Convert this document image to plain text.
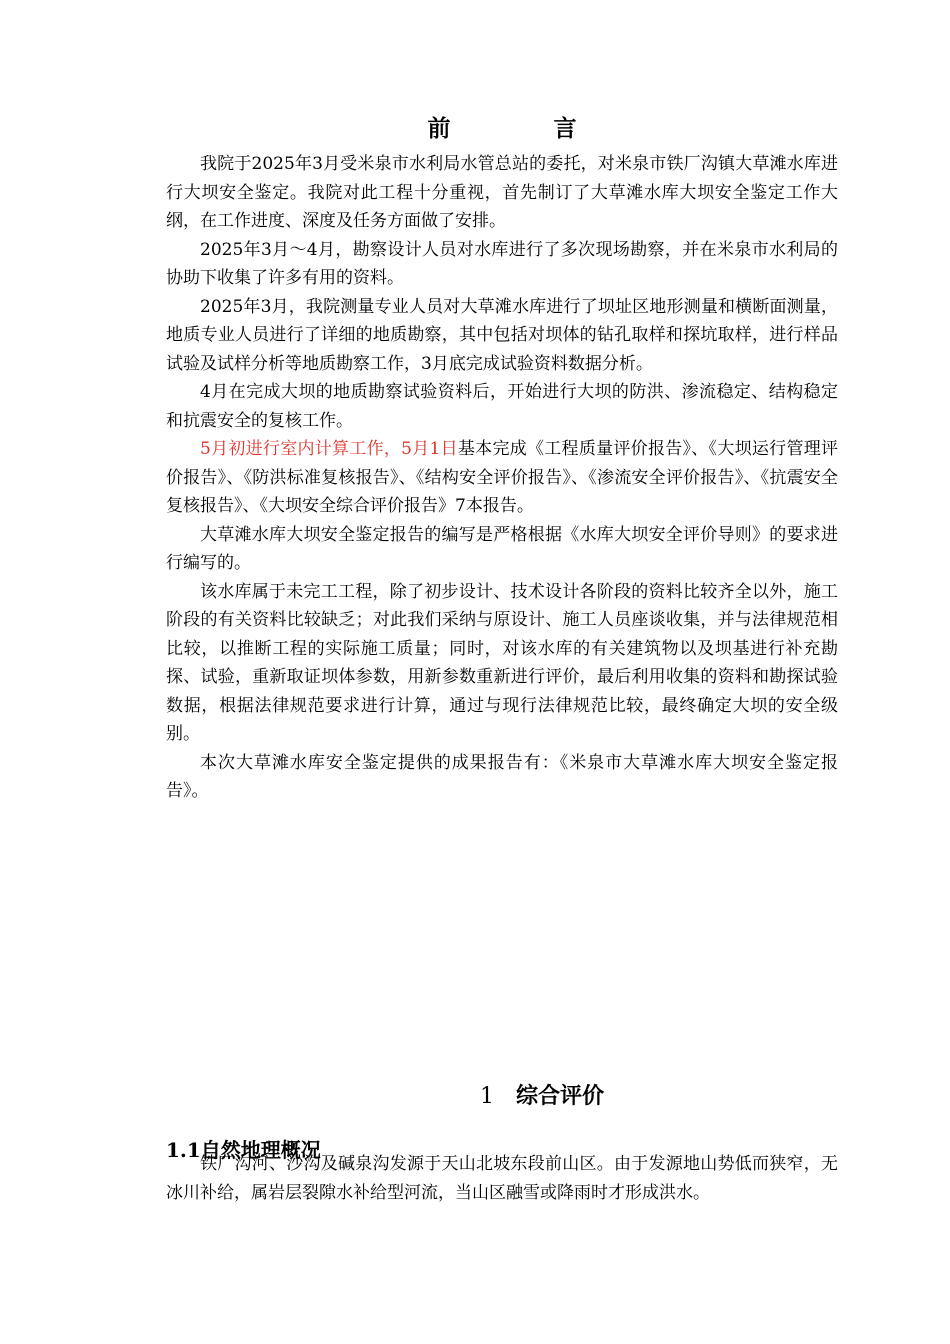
前　言

我院于2025年3月受米泉市水利局水管总站的委托，对米泉市铁厂沟镇大草滩水库进行大坝安全鉴定。我院对此工程十分重视，首先制订了大草滩水库大坝安全鉴定工作大纲，在工作进度、深度及任务方面做了安排。

2025年3月～4月，勘察设计人员对水库进行了多次现场勘察，并在米泉市水利局的协助下收集了许多有用的资料。

2025年3月，我院测量专业人员对大草滩水库进行了坝址区地形测量和横断面测量，地质专业人员进行了详细的地质勘察，其中包括对坝体的钻孔取样和探坑取样，进行样品试验及试样分析等地质勘察工作，3月底完成试验资料数据分析。

4月在完成大坝的地质勘察试验资料后，开始进行大坝的防洪、渗流稳定、结构稳定和抗震安全的复核工作。

5月初进行室内计算工作，5月1日基本完成《工程质量评价报告》、《大坝运行管理评价报告》、《防洪标准复核报告》、《结构安全评价报告》、《渗流安全评价报告》、《抗震安全复核报告》、《大坝安全综合评价报告》7本报告。

大草滩水库大坝安全鉴定报告的编写是严格根据《水库大坝安全评价导则》的要求进行编写的。

该水库属于未完工工程，除了初步设计、技术设计各阶段的资料比较齐全以外，施工阶段的有关资料比较缺乏；对此我们采纳与原设计、施工人员座谈收集，并与法律规范相比较，以推断工程的实际施工质量；同时，对该水库的有关建筑物以及坝基进行补充勘探、试验，重新取证坝体参数，用新参数重新进行评价，最后利用收集的资料和勘探试验数据，根据法律规范要求进行计算，通过与现行法律规范比较，最终确定大坝的安全级别。

本次大草滩水库安全鉴定提供的成果报告有：《米泉市大草滩水库大坝安全鉴定报告》。

1 综合评价
1.1自然地理概况

铁厂沟河、沙沟及碱泉沟发源于天山北坡东段前山区。由于发源地山势低而狭窄，无冰川补给，属岩层裂隙水补给型河流，当山区融雪或降雨时才形成洪水。
